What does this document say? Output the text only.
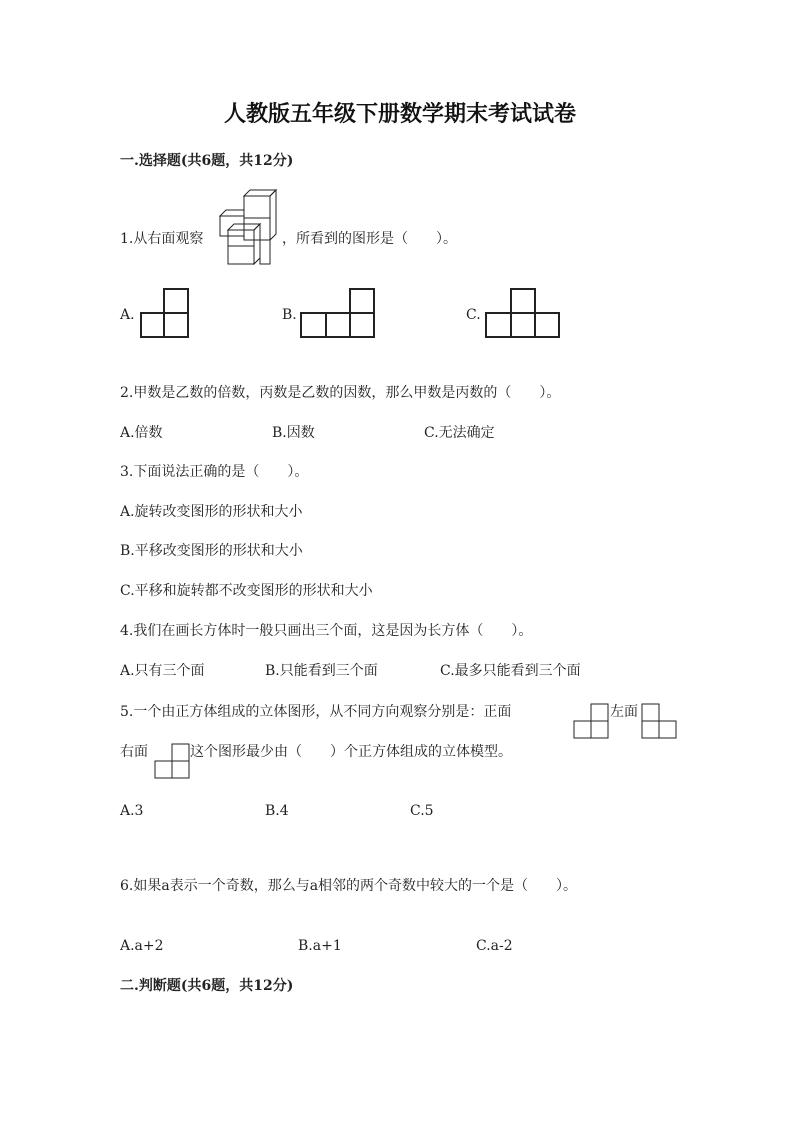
人教版五年级下册数学期末考试试卷
一.选择题(共6题，共12分)
1.从右面观察	，所看到的图形是（　　）。
A.	B.	C.
2.甲数是乙数的倍数，丙数是乙数的因数，那么甲数是丙数的（　　）。
A.倍数	B.因数	C.无法确定
3.下面说法正确的是（　　）。
A.旋转改变图形的形状和大小
B.平移改变图形的形状和大小
C.平移和旋转都不改变图形的形状和大小
4.我们在画长方体时一般只画出三个面，这是因为长方体（　　）。
A.只有三个面	B.只能看到三个面	C.最多只能看到三个面
5.一个由正方体组成的立体图形，从不同方向观察分别是：正面	左面
右面	这个图形最少由（　　）个正方体组成的立体模型。
A.3	B.4	C.5
6.如果a表示一个奇数，那么与a相邻的两个奇数中较大的一个是（　　）。
A.a+2	B.a+1	C.a-2
二.判断题(共6题，共12分)
